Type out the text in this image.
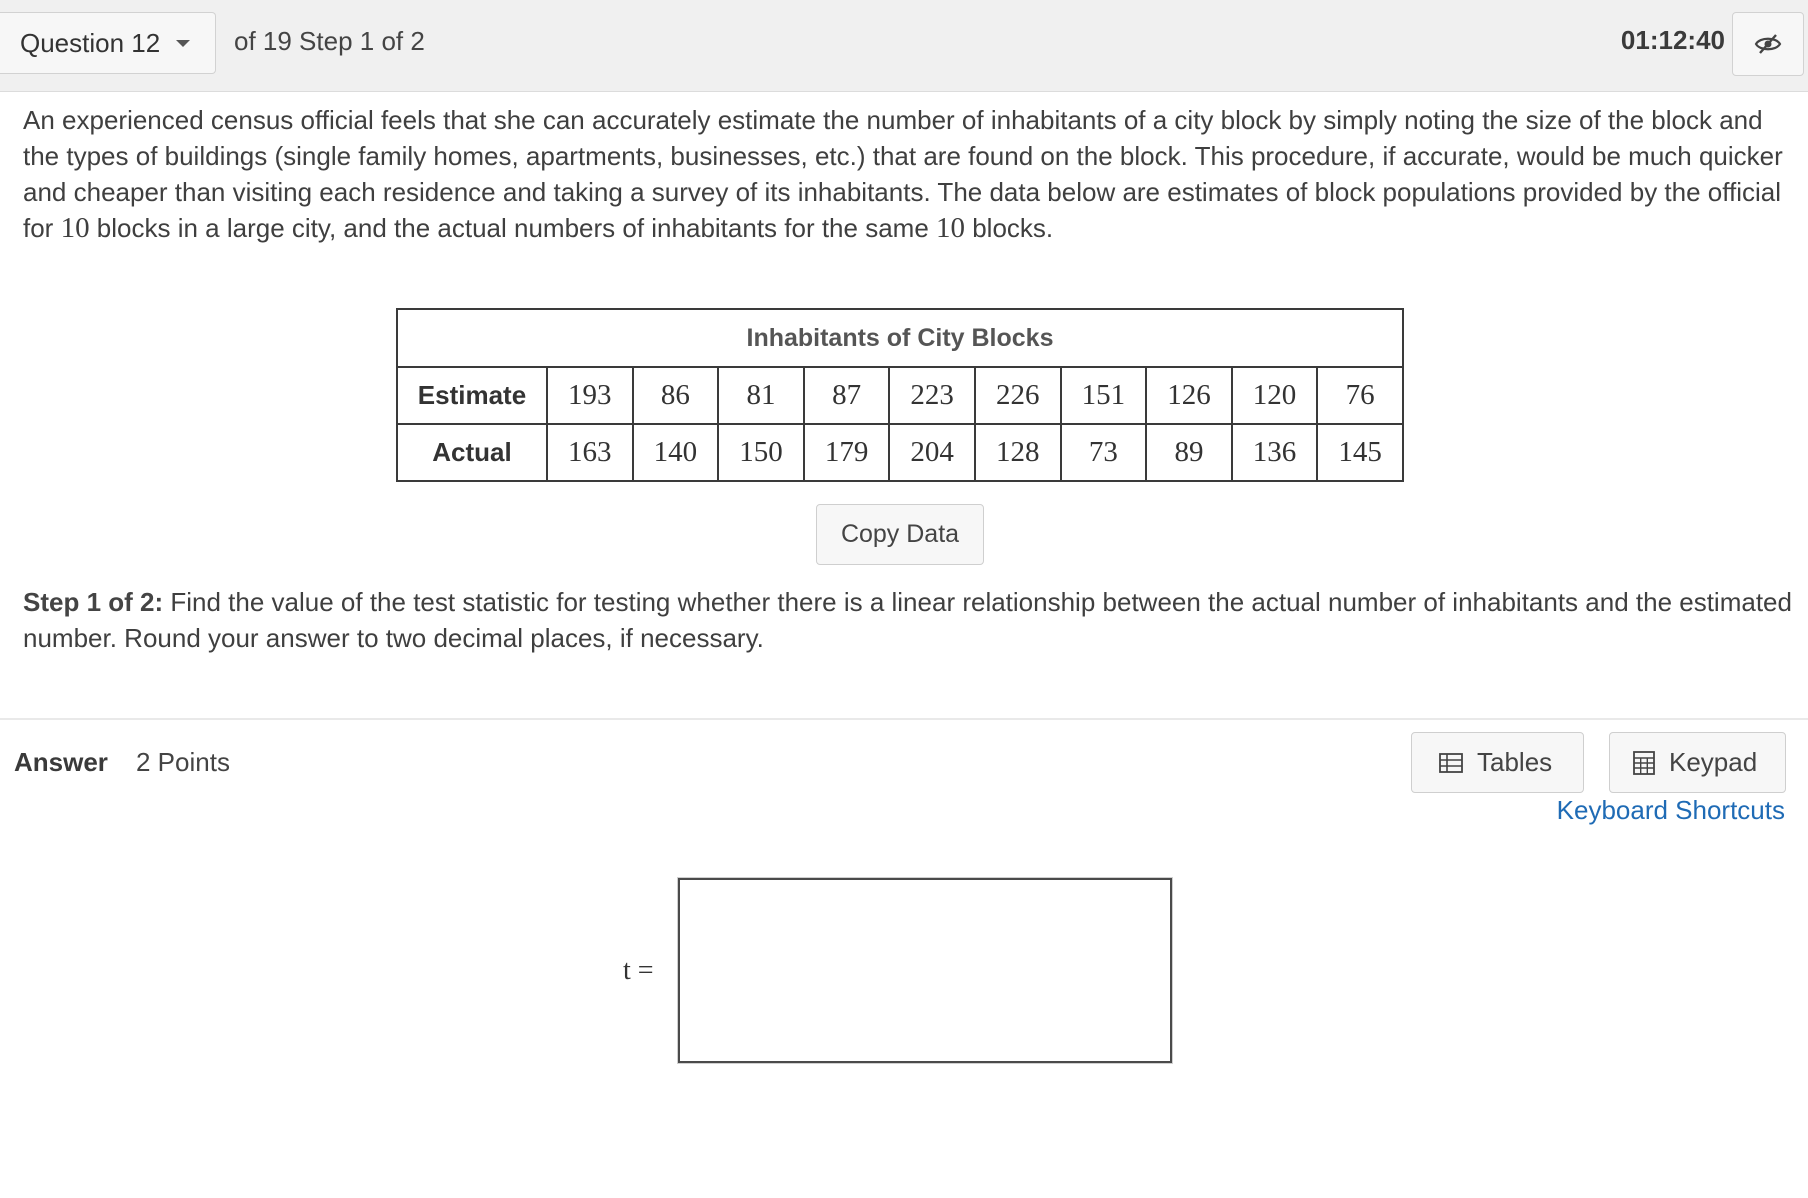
Question 12	of 19 Step 1 of 2	01:12:40
An experienced census official feels that she can accurately estimate the number of inhabitants of a city block by simply noting the size of the block and the types of buildings (single family homes, apartments, businesses, etc.) that are found on the block. This procedure, if accurate, would be much quicker and cheaper than visiting each residence and taking a survey of its inhabitants. The data below are estimates of block populations provided by the official for 10 blocks in a large city, and the actual numbers of inhabitants for the same 10 blocks.
Inhabitants of City Blocks										
Estimate	193	86	81	87	223	226	151	126	120	76
Actual	163	140	150	179	204	128	73	89	136	145
Copy Data
Step 1 of 2: Find the value of the test statistic for testing whether there is a linear relationship between the actual number of inhabitants and the estimated number. Round your answer to two decimal places, if necessary.
Answer 2 Points	Tables	Keypad
Keyboard Shortcuts
t =
